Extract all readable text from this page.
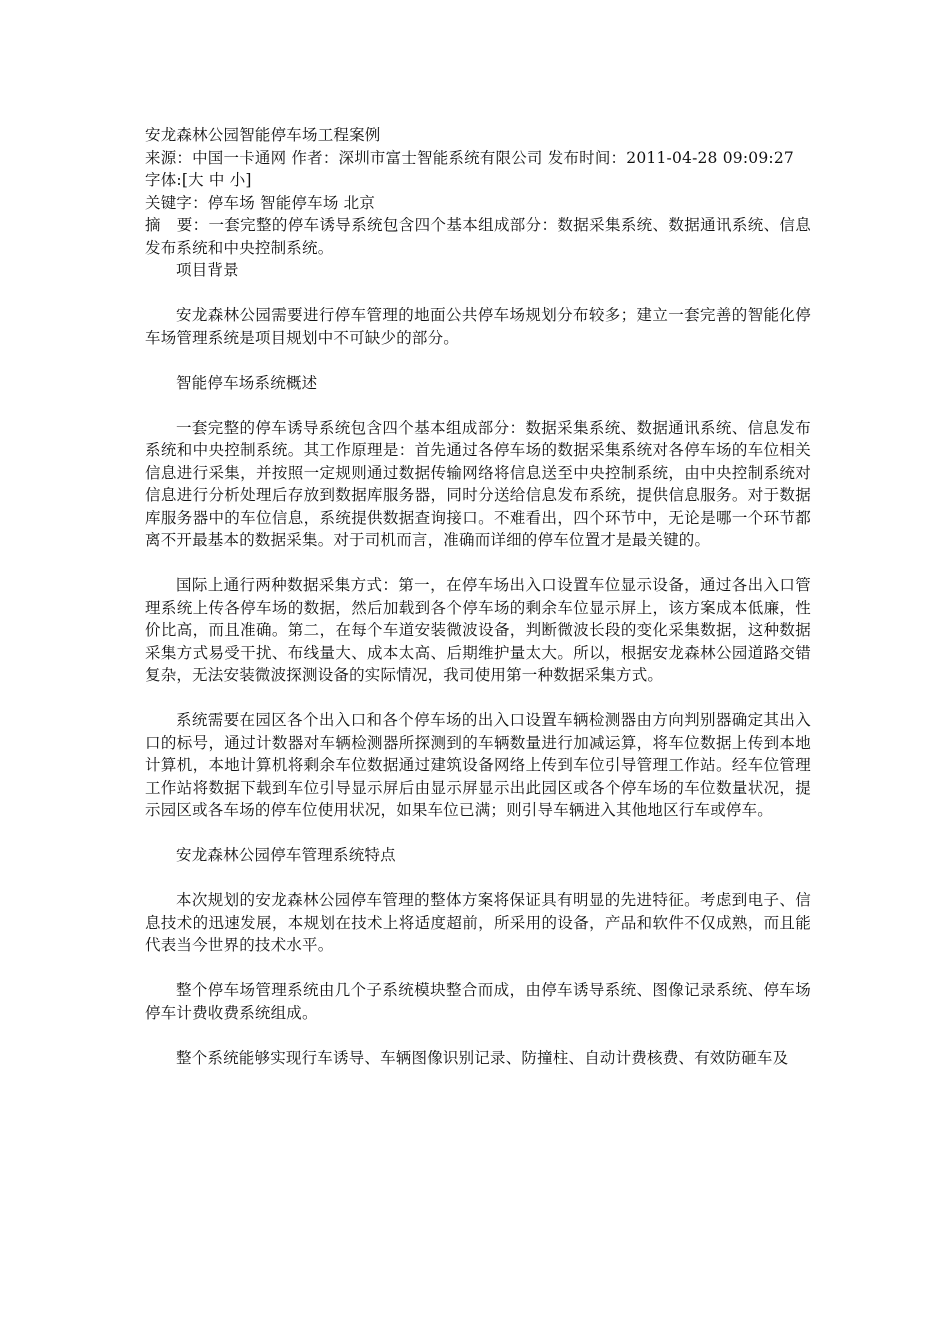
安龙森林公园智能停车场工程案例
来源：中国一卡通网 作者：深圳市富士智能系统有限公司 发布时间：2011-04-28 09:09:27
字体:[大 中 小]
关键字：停车场 智能停车场 北京

摘　要：一套完整的停车诱导系统包含四个基本组成部分：数据采集系统、数据通讯系统、信息发布系统和中央控制系统。

项目背景

安龙森林公园需要进行停车管理的地面公共停车场规划分布较多；建立一套完善的智能化停车场管理系统是项目规划中不可缺少的部分。

智能停车场系统概述

一套完整的停车诱导系统包含四个基本组成部分：数据采集系统、数据通讯系统、信息发布系统和中央控制系统。其工作原理是：首先通过各停车场的数据采集系统对各停车场的车位相关信息进行采集，并按照一定规则通过数据传输网络将信息送至中央控制系统，由中央控制系统对信息进行分析处理后存放到数据库服务器，同时分送给信息发布系统，提供信息服务。对于数据库服务器中的车位信息，系统提供数据查询接口。不难看出，四个环节中，无论是哪一个环节都离不开最基本的数据采集。对于司机而言，准确而详细的停车位置才是最关键的。

国际上通行两种数据采集方式：第一，在停车场出入口设置车位显示设备，通过各出入口管理系统上传各停车场的数据，然后加载到各个停车场的剩余车位显示屏上，该方案成本低廉，性价比高，而且准确。第二，在每个车道安装微波设备，判断微波长段的变化采集数据，这种数据采集方式易受干扰、布线量大、成本太高、后期维护量太大。所以，根据安龙森林公园道路交错复杂，无法安装微波探测设备的实际情况，我司使用第一种数据采集方式。

系统需要在园区各个出入口和各个停车场的出入口设置车辆检测器由方向判别器确定其出入口的标号，通过计数器对车辆检测器所探测到的车辆数量进行加减运算，将车位数据上传到本地计算机，本地计算机将剩余车位数据通过建筑设备网络上传到车位引导管理工作站。经车位管理工作站将数据下载到车位引导显示屏后由显示屏显示出此园区或各个停车场的车位数量状况，提示园区或各车场的停车位使用状况，如果车位已满；则引导车辆进入其他地区行车或停车。

安龙森林公园停车管理系统特点

本次规划的安龙森林公园停车管理的整体方案将保证具有明显的先进特征。考虑到电子、信息技术的迅速发展，本规划在技术上将适度超前，所采用的设备，产品和软件不仅成熟，而且能代表当今世界的技术水平。

整个停车场管理系统由几个子系统模块整合而成，由停车诱导系统、图像记录系统、停车场停车计费收费系统组成。

整个系统能够实现行车诱导、车辆图像识别记录、防撞柱、自动计费核费、有效防砸车及
